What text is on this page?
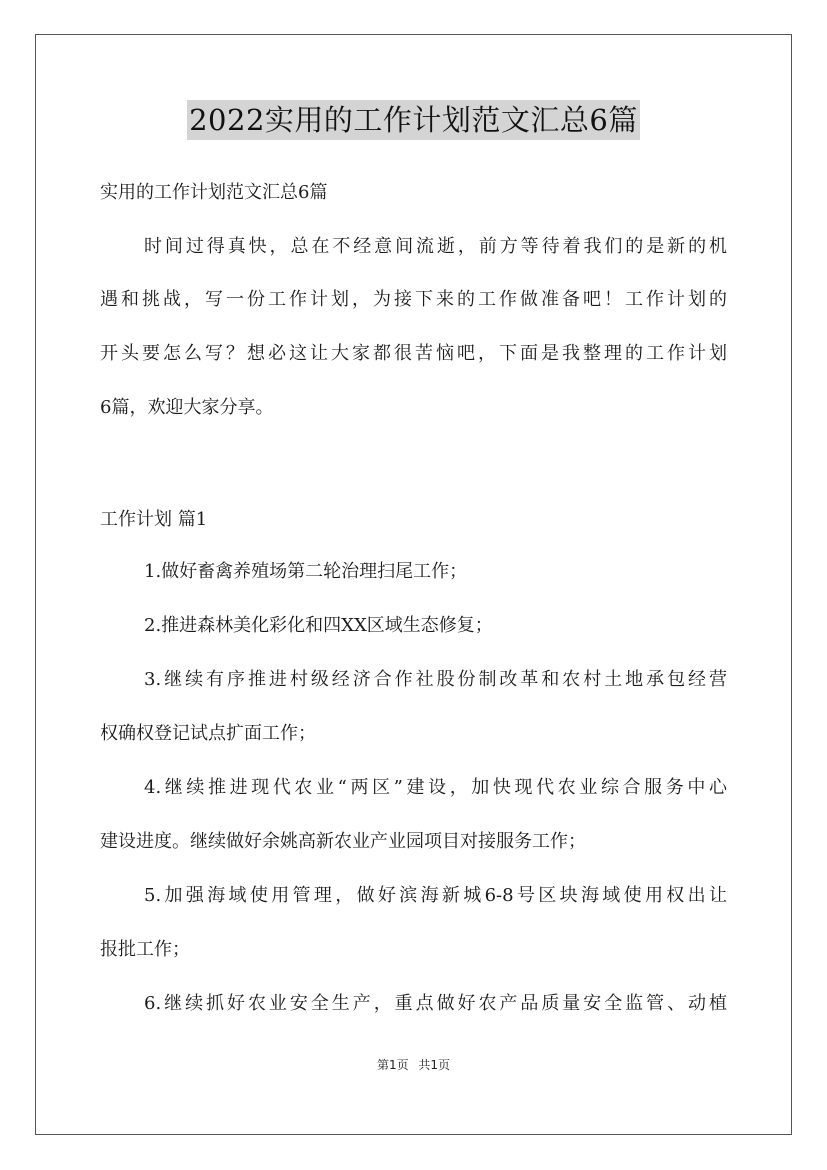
2022实用的工作计划范文汇总6篇
实用的工作计划范文汇总6篇
时间过得真快，总在不经意间流逝，前方等待着我们的是新的机
遇和挑战，写一份工作计划，为接下来的工作做准备吧！工作计划的
开头要怎么写？想必这让大家都很苦恼吧，下面是我整理的工作计划
6篇，欢迎大家分享。
工作计划 篇1
1.做好畜禽养殖场第二轮治理扫尾工作；
2.推进森林美化彩化和四XX区域生态修复；
3.继续有序推进村级经济合作社股份制改革和农村土地承包经营
权确权登记试点扩面工作；
4.继续推进现代农业“两区”建设，加快现代农业综合服务中心
建设进度。继续做好余姚高新农业产业园项目对接服务工作；
5.加强海域使用管理，做好滨海新城6-8号区块海域使用权出让
报批工作；
6.继续抓好农业安全生产，重点做好农产品质量安全监管、动植
第1页 共1页
